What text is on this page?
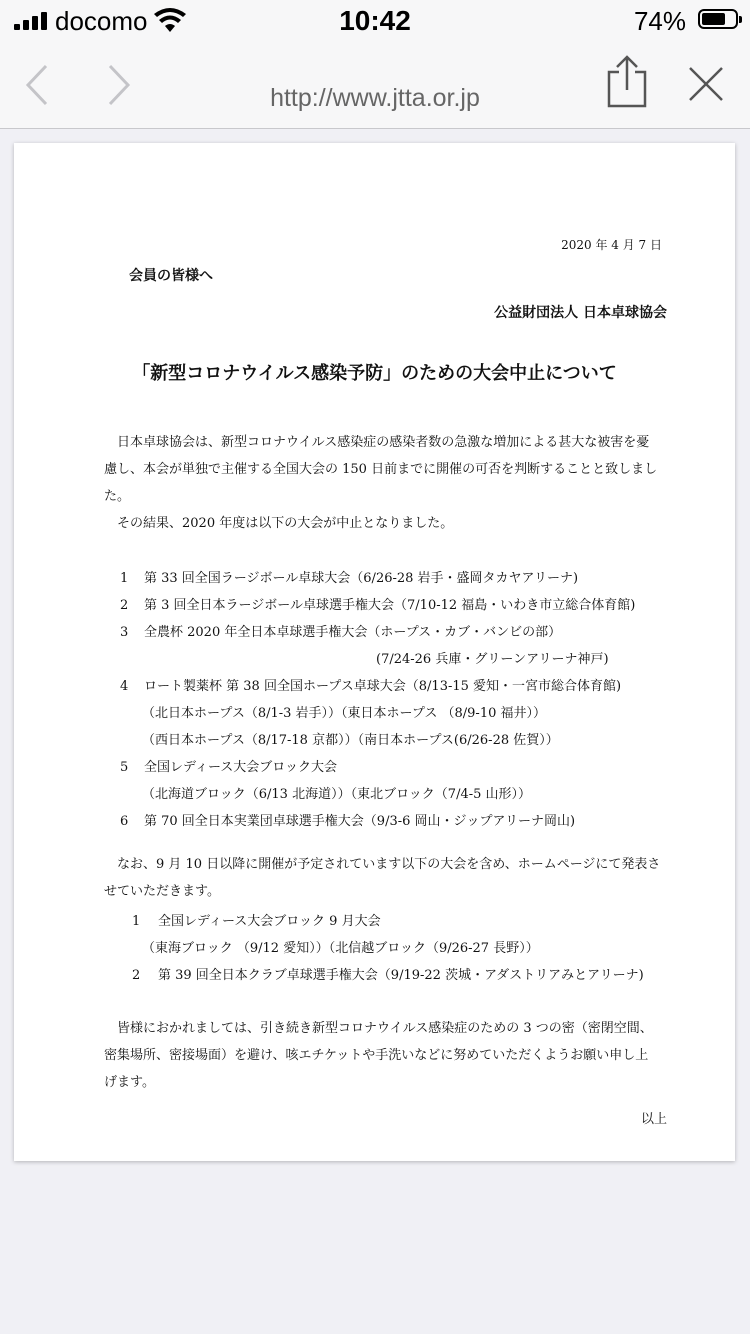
docomo	10:42	74%
http://www.jtta.or.jp
2020 年 4 月 7 日
会員の皆様へ
公益財団法人 日本卓球協会
「新型コロナウイルス感染予防」のための大会中止について
日本卓球協会は、新型コロナウイルス感染症の感染者数の急激な増加による甚大な被害を憂
慮し、本会が単独で主催する全国大会の 150 日前までに開催の可否を判断することと致しまし
た。
その結果、2020 年度は以下の大会が中止となりました。
1 第 33 回全国ラージボール卓球大会（6/26-28 岩手・盛岡タカヤアリーナ)
2 第 3 回全日本ラージボール卓球選手権大会（7/10-12 福島・いわき市立総合体育館)
3 全農杯 2020 年全日本卓球選手権大会（ホープス・カブ・バンビの部）
(7/24-26 兵庫・グリーンアリーナ神戸)
4 ロート製薬杯 第 38 回全国ホープス卓球大会（8/13-15 愛知・一宮市総合体育館)
（北日本ホープス（8/1-3 岩手））（東日本ホープス （8/9-10 福井））
（西日本ホープス（8/17-18 京都））（南日本ホープス(6/26-28 佐賀））
5 全国レディース大会ブロック大会
（北海道ブロック（6/13 北海道））（東北ブロック（7/4-5 山形））
6 第 70 回全日本実業団卓球選手権大会（9/3-6 岡山・ジップアリーナ岡山)
なお、9 月 10 日以降に開催が予定されています以下の大会を含め、ホームページにて発表さ
せていただきます。
1 全国レディース大会ブロック 9 月大会
（東海ブロック （9/12 愛知））（北信越ブロック（9/26-27 長野））
2 第 39 回全日本クラブ卓球選手権大会（9/19-22 茨城・アダストリアみとアリーナ)
皆様におかれましては、引き続き新型コロナウイルス感染症のための 3 つの密（密閉空間、
密集場所、密接場面）を避け、咳エチケットや手洗いなどに努めていただくようお願い申し上
げます。
以上
